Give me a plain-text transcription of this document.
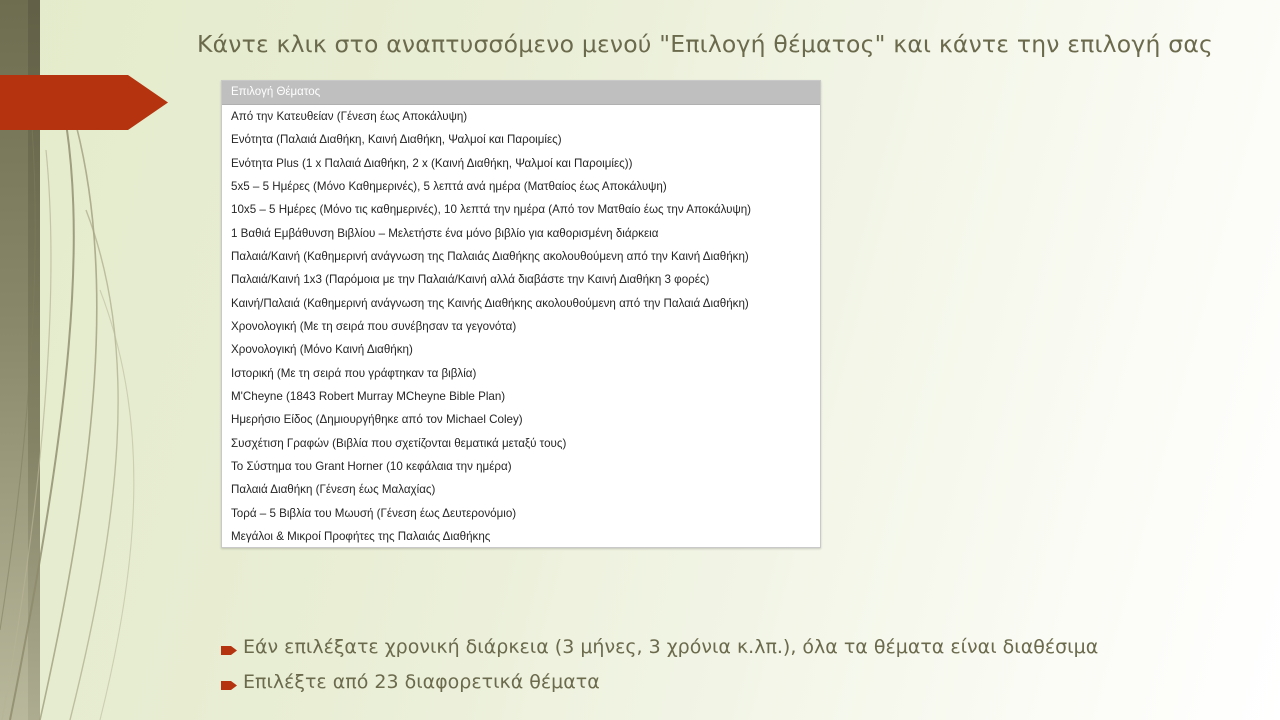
Κάντε κλικ στο αναπτυσσόμενο μενού "Επιλογή θέματος" και κάντε την επιλογή σας
Επιλογή Θέματος
Από την Κατευθείαν (Γένεση έως Αποκάλυψη)
Ενότητα (Παλαιά Διαθήκη, Καινή Διαθήκη, Ψαλμοί και Παροιμίες)
Ενότητα Plus (1 x Παλαιά Διαθήκη, 2 x (Καινή Διαθήκη, Ψαλμοί και Παροιμίες))
5x5 – 5 Ημέρες (Μόνο Καθημερινές), 5 λεπτά ανά ημέρα (Ματθαίος έως Αποκάλυψη)
10x5 – 5 Ημέρες (Μόνο τις καθημερινές), 10 λεπτά την ημέρα (Από τον Ματθαίο έως την Αποκάλυψη)
1 Βαθιά Εμβάθυνση Βιβλίου – Μελετήστε ένα μόνο βιβλίο για καθορισμένη διάρκεια
Παλαιά/Καινή (Καθημερινή ανάγνωση της Παλαιάς Διαθήκης ακολουθούμενη από την Καινή Διαθήκη)
Παλαιά/Καινή 1x3 (Παρόμοια με την Παλαιά/Καινή αλλά διαβάστε την Καινή Διαθήκη 3 φορές)
Καινή/Παλαιά (Καθημερινή ανάγνωση της Καινής Διαθήκης ακολουθούμενη από την Παλαιά Διαθήκη)
Χρονολογική (Με τη σειρά που συνέβησαν τα γεγονότα)
Χρονολογική (Μόνο Καινή Διαθήκη)
Ιστορική (Με τη σειρά που γράφτηκαν τα βιβλία)
M'Cheyne (1843 Robert Murray MCheyne Bible Plan)
Ημερήσιο Είδος (Δημιουργήθηκε από τον Michael Coley)
Συσχέτιση Γραφών (Βιβλία που σχετίζονται θεματικά μεταξύ τους)
Το Σύστημα του Grant Horner (10 κεφάλαια την ημέρα)
Παλαιά Διαθήκη (Γένεση έως Μαλαχίας)
Τορά – 5 Βιβλία του Μωυσή (Γένεση έως Δευτερονόμιο)
Μεγάλοι & Μικροί Προφήτες της Παλαιάς Διαθήκης
Εάν επιλέξατε χρονική διάρκεια (3 μήνες, 3 χρόνια κ.λπ.), όλα τα θέματα είναι διαθέσιμα
Επιλέξτε από 23 διαφορετικά θέματα
